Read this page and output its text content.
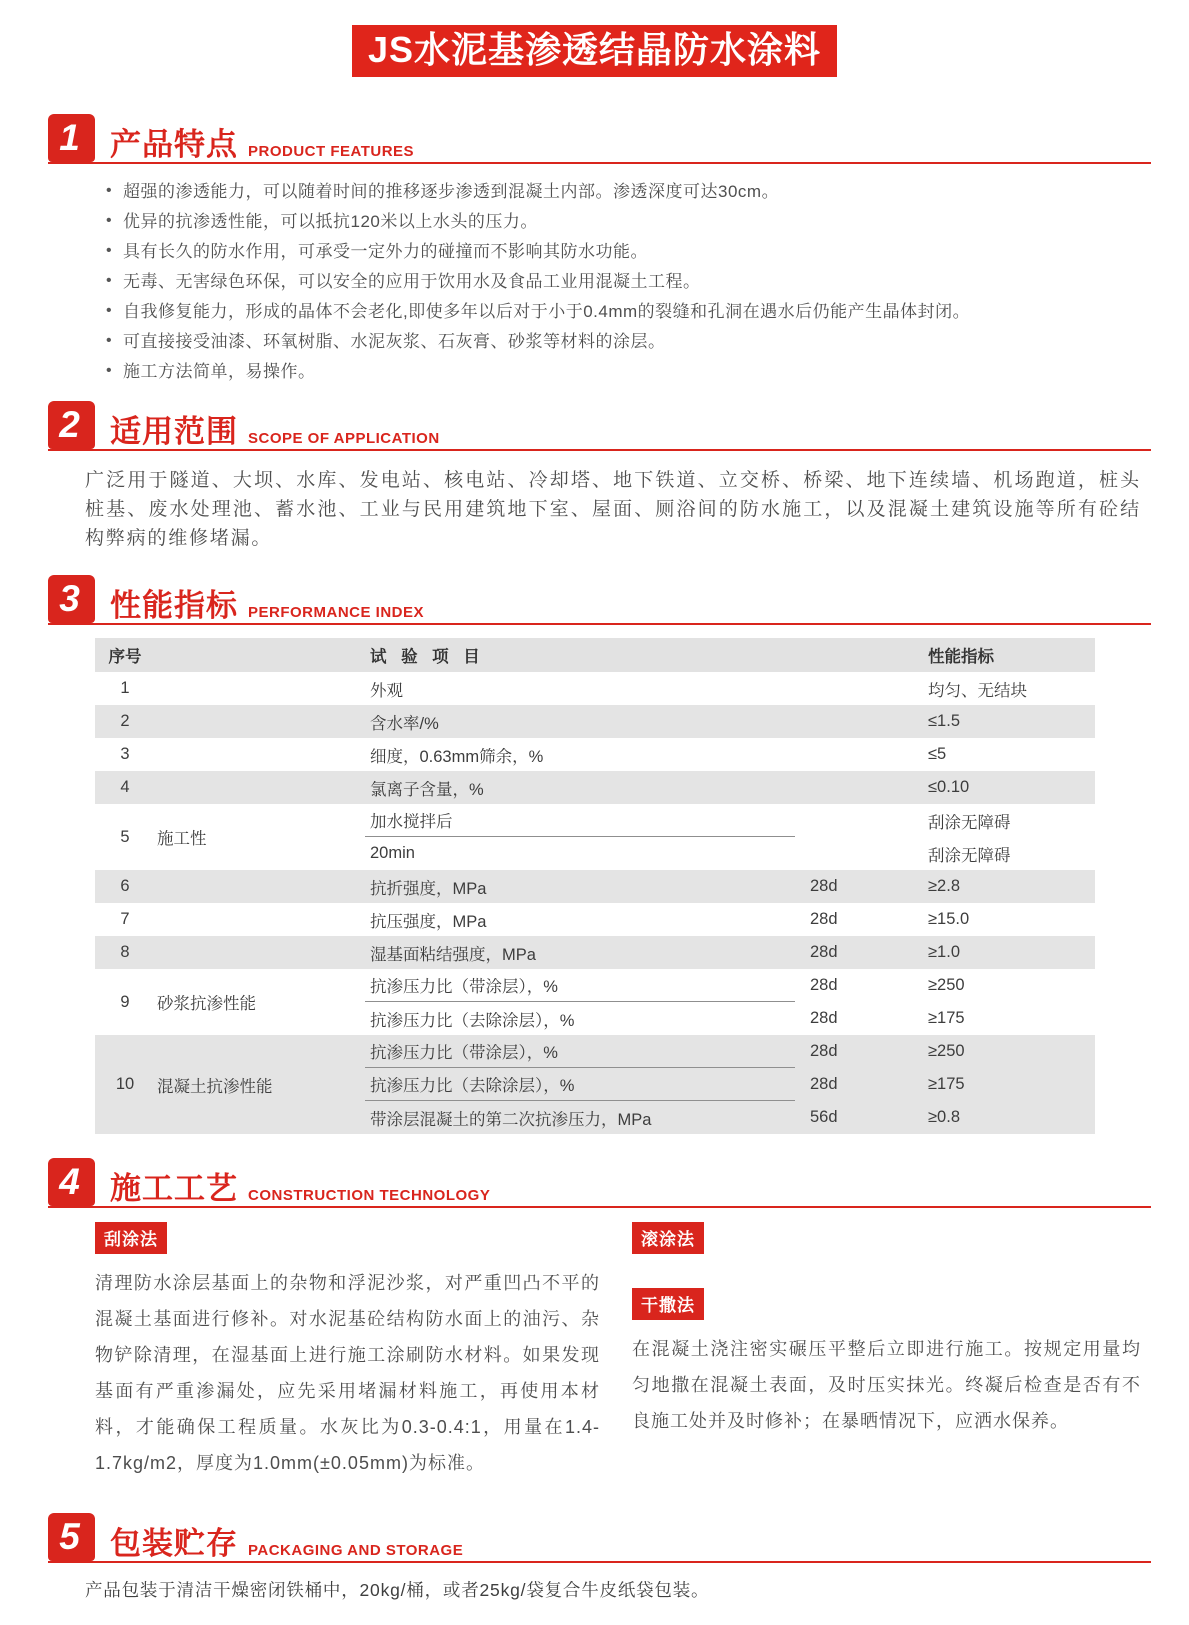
JS水泥基渗透结晶防水涂料
1 产品特点 PRODUCT FEATURES
• 超强的渗透能力，可以随着时间的推移逐步渗透到混凝土内部。渗透深度可达30cm。
• 优异的抗渗透性能，可以抵抗120米以上水头的压力。
• 具有长久的防水作用，可承受一定外力的碰撞而不影响其防水功能。
• 无毒、无害绿色环保，可以安全的应用于饮用水及食品工业用混凝土工程。
• 自我修复能力，形成的晶体不会老化,即使多年以后对于小于0.4mm的裂缝和孔洞在遇水后仍能产生晶体封闭。
• 可直接接受油漆、环氧树脂、水泥灰浆、石灰膏、砂浆等材料的涂层。
• 施工方法简单，易操作。
2 适用范围 SCOPE OF APPLICATION
广泛用于隧道、大坝、水库、发电站、核电站、冷却塔、地下铁道、立交桥、桥梁、地下连续墙、机场跑道，桩头桩基、废水处理池、蓄水池、工业与民用建筑地下室、屋面、厕浴间的防水施工，以及混凝土建筑设施等所有砼结构弊病的维修堵漏。
3 性能指标 PERFORMANCE INDEX
序号	试 验 项 目	性能指标
1	外观	均匀、无结块
2	含水率/%	≤1.5
3	细度，0.63mm筛余，%	≤5
4	氯离子含量，%	≤0.10
5	施工性
加水搅拌后	刮涂无障碍
20min	刮涂无障碍
6	抗折强度，MPa	28d	≥2.8
7	抗压强度，MPa	28d	≥15.0
8	湿基面粘结强度，MPa	28d	≥1.0
9	砂浆抗渗性能
抗渗压力比（带涂层），%	28d	≥250
抗渗压力比（去除涂层），%	28d	≥175
10	混凝土抗渗性能
抗渗压力比（带涂层），%	28d	≥250
抗渗压力比（去除涂层），%	28d	≥175
带涂层混凝土的第二次抗渗压力，MPa	56d	≥0.8
4 施工工艺 CONSTRUCTION TECHNOLOGY
刮涂法
清理防水涂层基面上的杂物和浮泥沙浆，对严重凹凸不平的混凝土基面进行修补。对水泥基砼结构防水面上的油污、杂物铲除清理，在湿基面上进行施工涂刷防水材料。如果发现基面有严重渗漏处，应先采用堵漏材料施工，再使用本材料，才能确保工程质量。水灰比为0.3-0.4:1，用量在1.4-1.7kg/m2，厚度为1.0mm(±0.05mm)为标准。
滚涂法
干撒法
在混凝土浇注密实碾压平整后立即进行施工。按规定用量均匀地撒在混凝土表面，及时压实抹光。终凝后检查是否有不良施工处并及时修补；在暴晒情况下，应洒水保养。
5 包装贮存 PACKAGING AND STORAGE
产品包装于清洁干燥密闭铁桶中，20kg/桶，或者25kg/袋复合牛皮纸袋包装。
